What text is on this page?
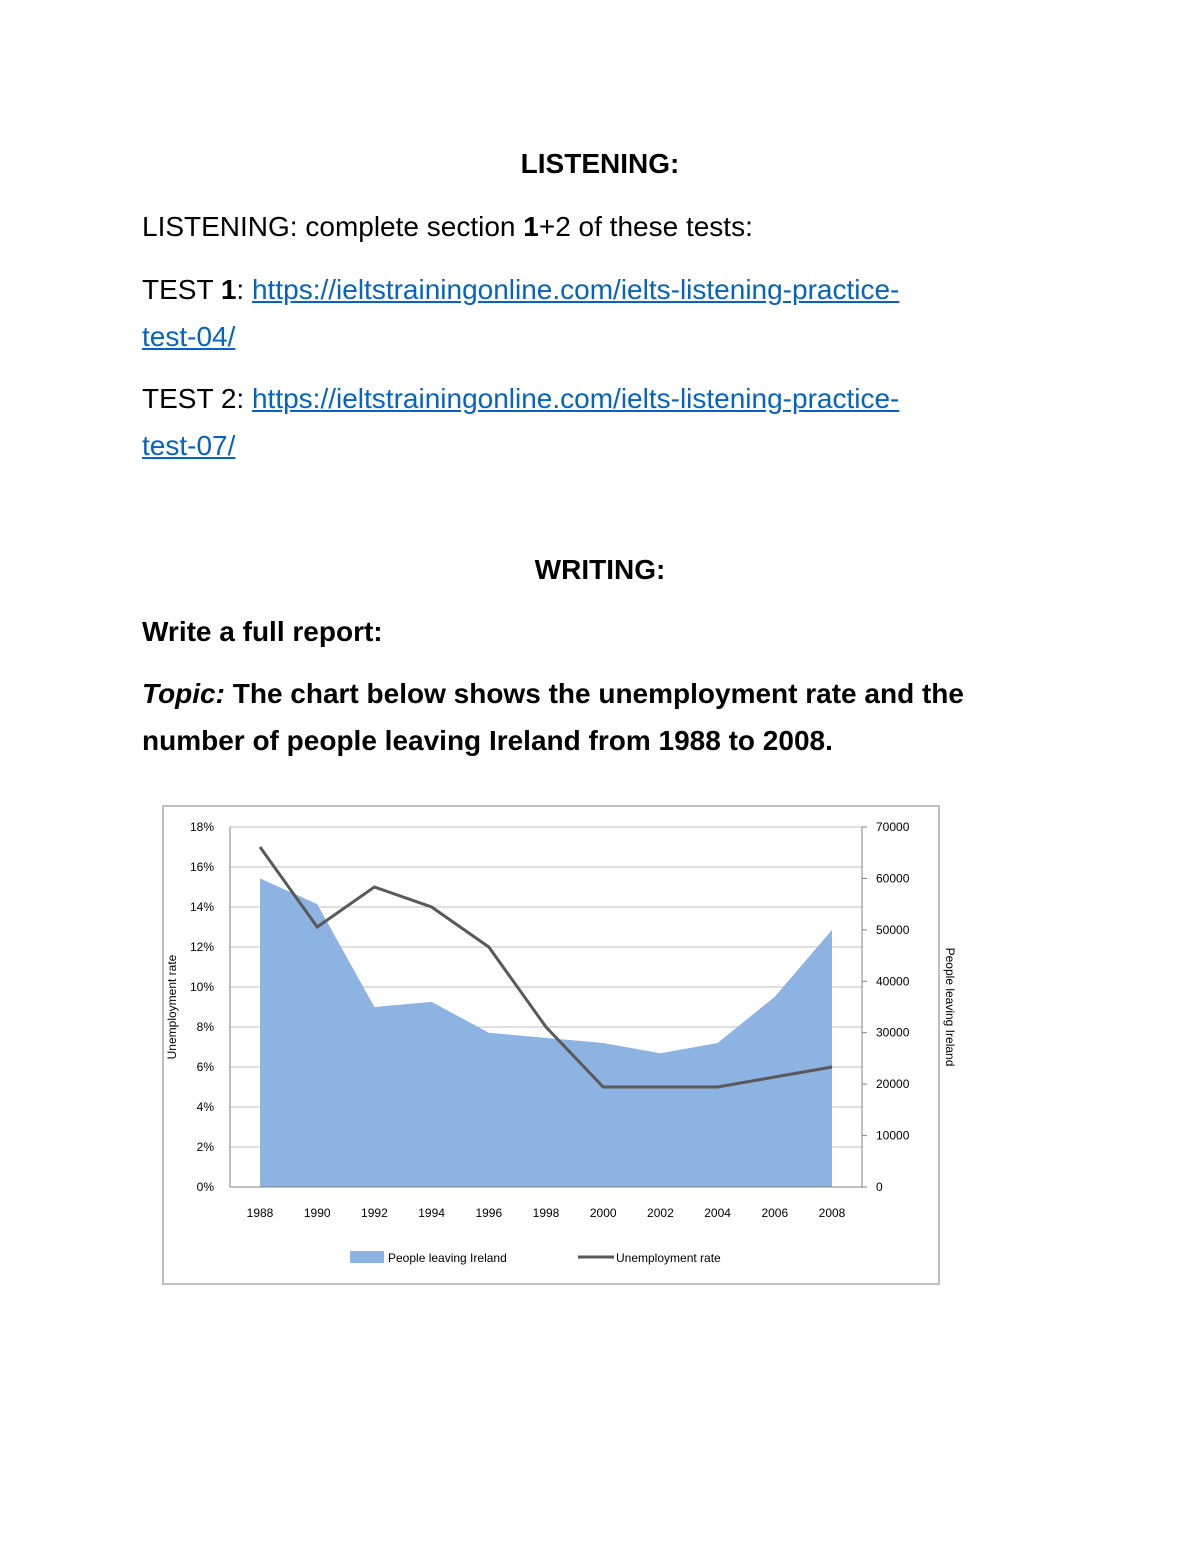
LISTENING:
LISTENING: complete section 1+2 of these tests:
TEST 1: https://ieltstrainingonline.com/ielts-listening-practice-
test-04/
TEST 2: https://ieltstrainingonline.com/ielts-listening-practice-
test-07/
WRITING:
Write a full report:
Topic: The chart below shows the unemployment rate and the
number of people leaving Ireland from 1988 to 2008.
0%
2%
4%
6%
8%
10%
12%
14%
16%
18%
0
10000
20000
30000
40000
50000
60000
70000
1988	1990	1992	1994	1996	1998	2000	2002	2004	2006	2008
Unemployment rate	People leaving Ireland
People leaving Ireland	Unemployment rate
